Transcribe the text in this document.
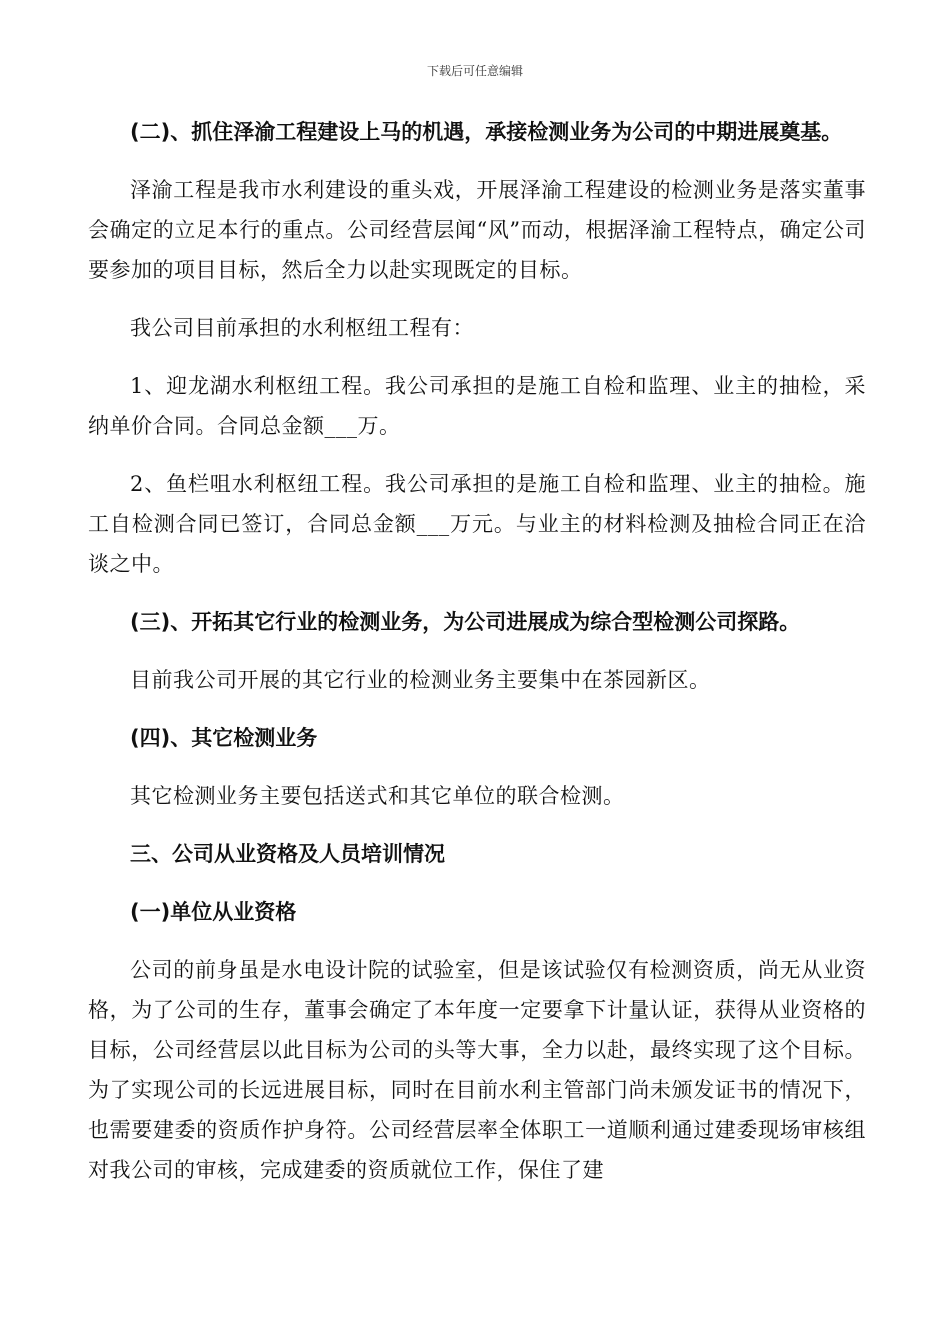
下载后可任意编辑
(二)、抓住泽渝工程建设上马的机遇，承接检测业务为公司的中期进展奠基。
泽渝工程是我市水利建设的重头戏，开展泽渝工程建设的检测业务是落实董事会确定的立足本行的重点。公司经营层闻“风”而动，根据泽渝工程特点，确定公司要参加的项目目标，然后全力以赴实现既定的目标。
我公司目前承担的水利枢纽工程有：
1、迎龙湖水利枢纽工程。我公司承担的是施工自检和监理、业主的抽检，采纳单价合同。合同总金额___万。
2、鱼栏咀水利枢纽工程。我公司承担的是施工自检和监理、业主的抽检。施工自检测合同已签订，合同总金额___万元。与业主的材料检测及抽检合同正在洽谈之中。
(三)、开拓其它行业的检测业务，为公司进展成为综合型检测公司探路。
目前我公司开展的其它行业的检测业务主要集中在茶园新区。
(四)、其它检测业务
其它检测业务主要包括送式和其它单位的联合检测。
三、公司从业资格及人员培训情况
(一)单位从业资格
公司的前身虽是水电设计院的试验室，但是该试验仅有检测资质，尚无从业资格，为了公司的生存，董事会确定了本年度一定要拿下计量认证，获得从业资格的目标，公司经营层以此目标为公司的头等大事，全力以赴，最终实现了这个目标。为了实现公司的长远进展目标，同时在目前水利主管部门尚未颁发证书的情况下，也需要建委的资质作护身符。公司经营层率全体职工一道顺利通过建委现场审核组对我公司的审核，完成建委的资质就位工作，保住了建
